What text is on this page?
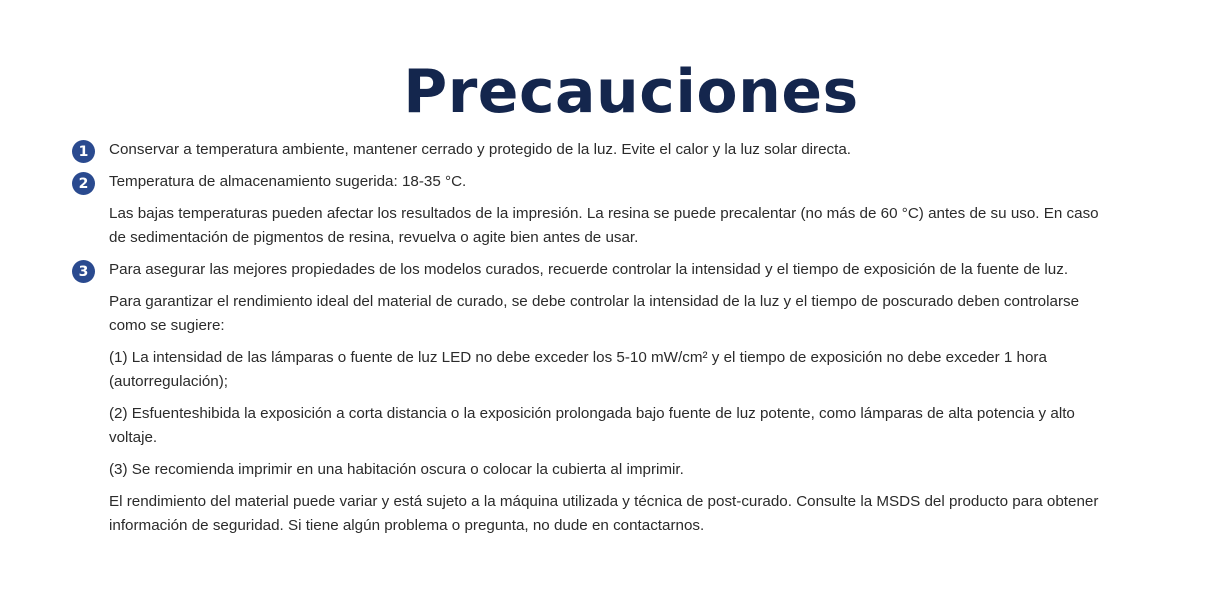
Precauciones
1	Conservar a temperatura ambiente, mantener cerrado y protegido de la luz. Evite el calor y la luz solar directa.

2	Temperatura de almacenamiento sugerida: 18-35 °C.

Las bajas temperaturas pueden afectar los resultados de la impresión. La resina se puede precalentar (no más de 60 °C) antes de su uso. En caso de sedimentación de pigmentos de resina, revuelva o agite bien antes de usar.

3	Para asegurar las mejores propiedades de los modelos curados, recuerde controlar la intensidad y el tiempo de exposición de la fuente de luz.

Para garantizar el rendimiento ideal del material de curado, se debe controlar la intensidad de la luz y el tiempo de poscurado deben controlarse como se sugiere:

(1) La intensidad de las lámparas o fuente de luz LED no debe exceder los 5-10 mW/cm² y el tiempo de exposición no debe exceder 1 hora (autorregulación);

(2) Esfuenteshibida la exposición a corta distancia o la exposición prolongada bajo fuente de luz potente, como lámparas de alta potencia y alto voltaje.

(3) Se recomienda imprimir en una habitación oscura o colocar la cubierta al imprimir.

El rendimiento del material puede variar y está sujeto a la máquina utilizada y técnica de post-curado. Consulte la MSDS del producto para obtener información de seguridad. Si tiene algún problema o pregunta, no dude en contactarnos.
